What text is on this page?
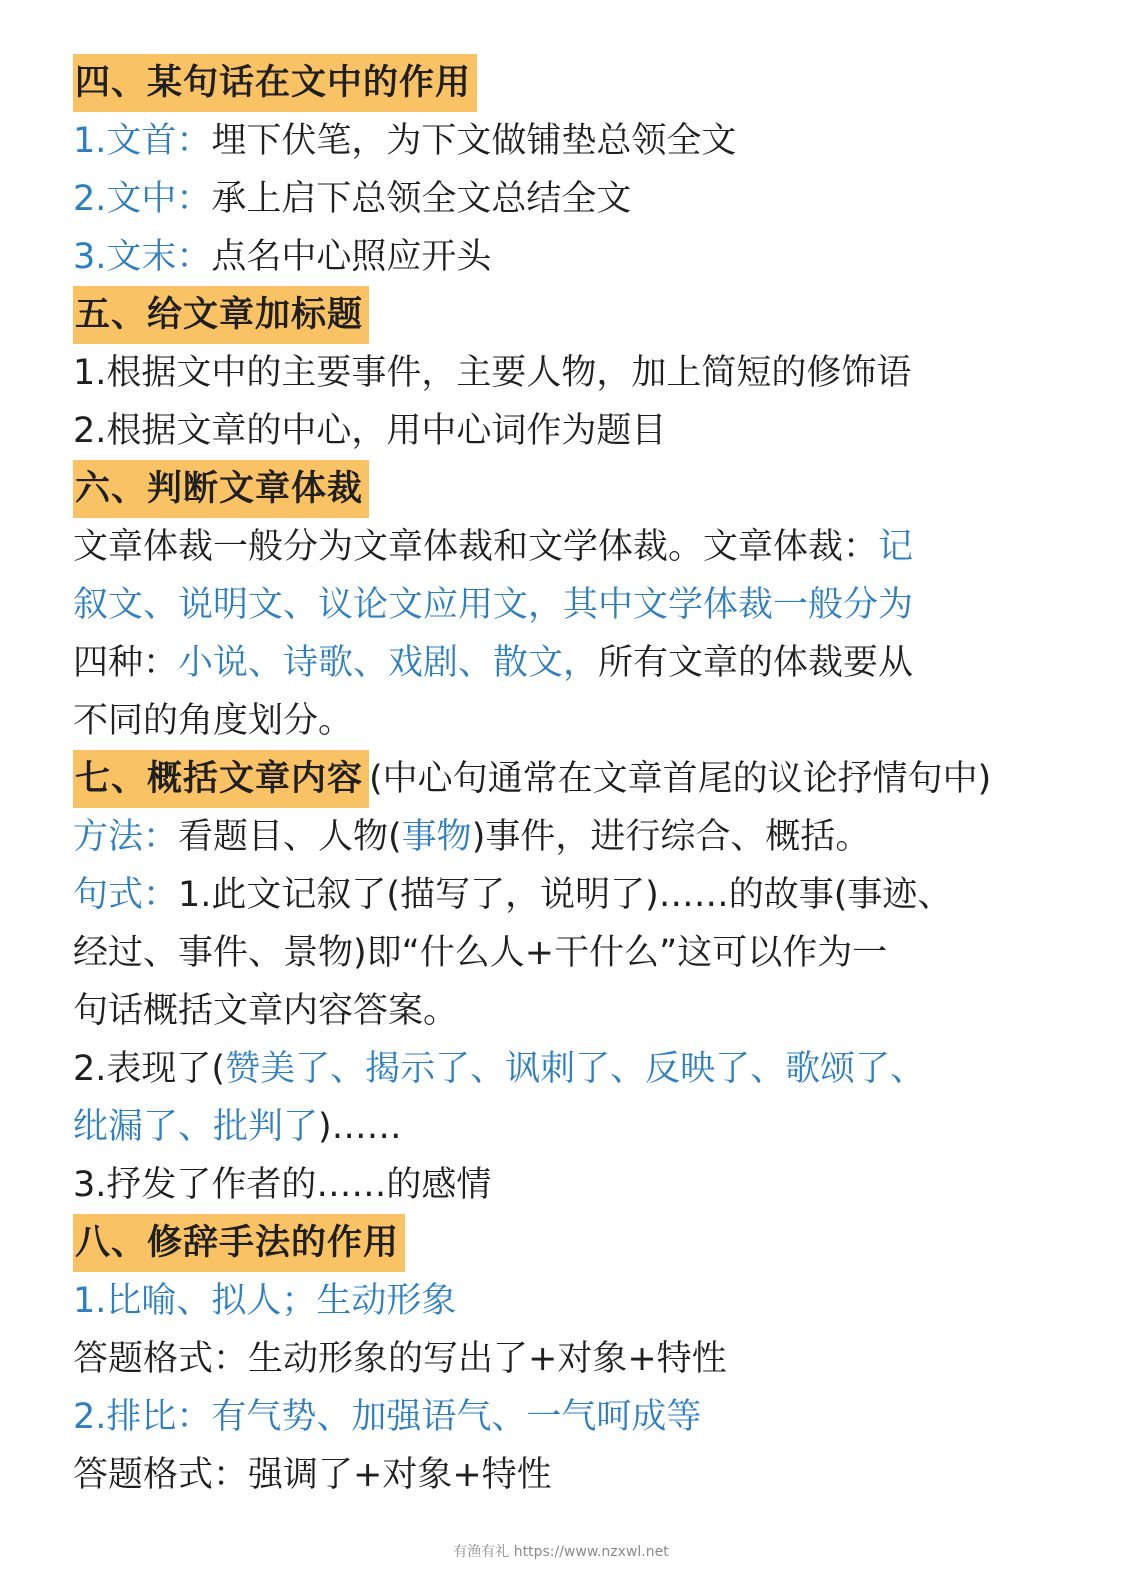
四、某句话在文中的作用
1.文首：埋下伏笔，为下文做铺垫总领全文
2.文中：承上启下总领全文总结全文
3.文末：点名中心照应开头
五、给文章加标题
1.根据文中的主要事件，主要人物，加上简短的修饰语
2.根据文章的中心，用中心词作为题目
六、判断文章体裁
文章体裁一般分为文章体裁和文学体裁。文章体裁：记
叙文、说明文、议论文应用文，其中文学体裁一般分为
四种：小说、诗歌、戏剧、散文，所有文章的体裁要从
不同的角度划分。
七、概括文章内容 (中心句通常在文章首尾的议论抒情句中)
方法：看题目、人物(事物)事件，进行综合、概括。
句式：1.此文记叙了(描写了，说明了)……的故事(事迹、
经过、事件、景物)即“什么人+干什么”这可以作为一
句话概括文章内容答案。
2.表现了(赞美了、揭示了、讽刺了、反映了、歌颂了、
纰漏了、批判了)……
3.抒发了作者的……的感情
八、修辞手法的作用
1.比喻、拟人；生动形象
答题格式：生动形象的写出了+对象+特性
2.排比：有气势、加强语气、一气呵成等
答题格式：强调了+对象+特性
有渔有礼 https://www.nzxwl.net
